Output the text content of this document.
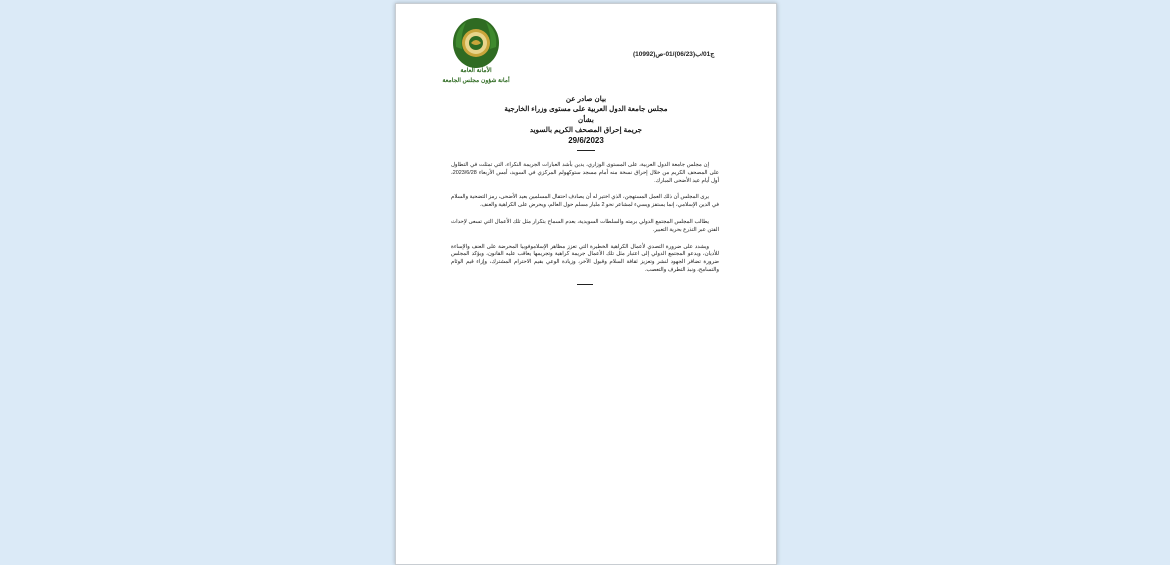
الأمانة العامة
أمانة شؤون مجلس الجامعة
ج01/ب(06/23)/01-ص(10992)
بيان صادر عن
مجلس جامعة الدول العربية على مستوى وزراء الخارجية
بشأن
جريمة إحراق المصحف الكريم بالسويد
29/6/2023

إن مجلس جامعة الدول العربية، على المستوى الوزاري، يدين بأشد العبارات الجريمة النكراء، التي تمثلت في التطاول على المصحف الكريم من خلال إحراق نسخة منه أمام مسجد ستوكهولم المركزي في السويد، أمس الأربعاء 2023/6/28، أول أيام عيد الأضحى المبارك.

يرى المجلس أن ذلك العمل المستهجن، الذي اختير له أن يصادف احتفال المسلمين بعيد الأضحى، رمز التضحية والسلام في الدين الإسلامي، إنما يستفز ويسيء لمشاعر نحو 2 مليار مسلم حول العالم، ويحرض على الكراهية والعنف.

يطالب المجلس المجتمع الدولي برمته والسلطات السويدية، بعدم السماح بتكرار مثل تلك الأعمال التي تسعى لإحداث الفتن عبر التذرع بحرية التعبير.

ويشدد على ضرورة التصدي لأعمال الكراهية الخطيرة التي تعزز مظاهر الإسلاموفوبيا المحرضة على العنف والإساءة للأديان، ويدعو المجتمع الدولي إلى اعتبار مثل تلك الأعمال جريمة كراهية وتجريمها يعاقب عليه القانون، ويؤكد المجلس ضرورة تضافر الجهود لنشر وتعزيز ثقافة السلام وقبول الآخر، وزيادة الوعي بقيم الاحترام المشترك، وإزاء قيم الوئام والتسامح، ونبذ التطرف والتعصب.
